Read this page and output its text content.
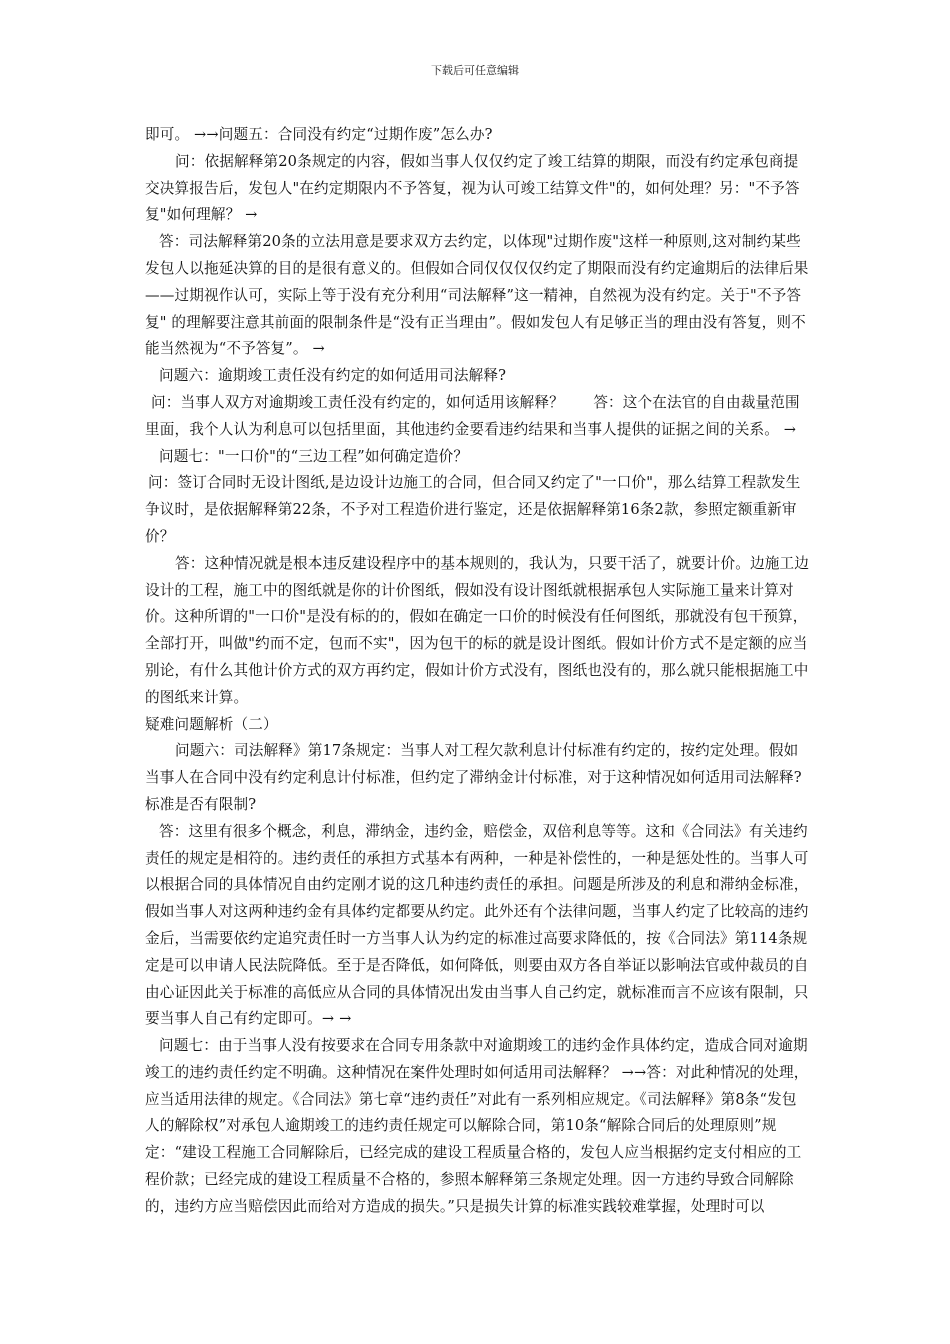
下载后可任意编辑

即可。 →→问题五：合同没有约定“过期作废”怎么办?

问：依据解释第20条规定的内容，假如当事人仅仅约定了竣工结算的期限，而没有约定承包商提交决算报告后，发包人"在约定期限内不予答复，视为认可竣工结算文件"的，如何处理？另："不予答复"如何理解？ →

答：司法解释第20条的立法用意是要求双方去约定，以体现"过期作废"这样一种原则,这对制约某些发包人以拖延决算的目的是很有意义的。但假如合同仅仅仅仅约定了期限而没有约定逾期后的法律后果——过期视作认可，实际上等于没有充分利用“司法解释”这一精神，自然视为没有约定。关于"不予答复" 的理解要注意其前面的限制条件是“没有正当理由”。假如发包人有足够正当的理由没有答复，则不能当然视为“不予答复”。 →

问题六：逾期竣工责任没有约定的如何适用司法解释?

问：当事人双方对逾期竣工责任没有约定的，如何适用该解释？　　答：这个在法官的自由裁量范围里面，我个人认为利息可以包括里面，其他违约金要看违约结果和当事人提供的证据之间的关系。 →

问题七："一口价"的“三边工程”如何确定造价？

问：签订合同时无设计图纸,是边设计边施工的合同，但合同又约定了"一口价"，那么结算工程款发生争议时，是依据解释第22条，不予对工程造价进行鉴定，还是依据解释第16条2款，参照定额重新审价？

答：这种情况就是根本违反建设程序中的基本规则的，我认为，只要干活了，就要计价。边施工边设计的工程，施工中的图纸就是你的计价图纸，假如没有设计图纸就根据承包人实际施工量来计算对价。这种所谓的"一口价"是没有标的的，假如在确定一口价的时候没有任何图纸，那就没有包干预算，全部打开，叫做"约而不定，包而不实"，因为包干的标的就是设计图纸。假如计价方式不是定额的应当别论，有什么其他计价方式的双方再约定，假如计价方式没有，图纸也没有的，那么就只能根据施工中的图纸来计算。

疑难问题解析（二）

问题六：司法解释》第17条规定：当事人对工程欠款利息计付标准有约定的，按约定处理。假如当事人在合同中没有约定利息计付标准，但约定了滞纳金计付标准，对于这种情况如何适用司法解释?标准是否有限制?

答：这里有很多个概念，利息，滞纳金，违约金，赔偿金，双倍利息等等。这和《合同法》有关违约责任的规定是相符的。违约责任的承担方式基本有两种，一种是补偿性的，一种是惩处性的。当事人可以根据合同的具体情况自由约定刚才说的这几种违约责任的承担。问题是所涉及的利息和滞纳金标准，假如当事人对这两种违约金有具体约定都要从约定。此外还有个法律问题，当事人约定了比较高的违约金后，当需要依约定追究责任时一方当事人认为约定的标准过高要求降低的，按《合同法》第114条规定是可以申请人民法院降低。至于是否降低，如何降低，则要由双方各自举证以影响法官或仲裁员的自由心证因此关于标准的高低应从合同的具体情况出发由当事人自己约定，就标准而言不应该有限制，只要当事人自己有约定即可。→ →

问题七：由于当事人没有按要求在合同专用条款中对逾期竣工的违约金作具体约定，造成合同对逾期竣工的违约责任约定不明确。这种情况在案件处理时如何适用司法解释？ →→答：对此种情况的处理，应当适用法律的规定。《合同法》第七章“违约责任”对此有一系列相应规定。《司法解释》第8条“发包人的解除权”对承包人逾期竣工的违约责任规定可以解除合同，第10条“解除合同后的处理原则”规定：“建设工程施工合同解除后，已经完成的建设工程质量合格的，发包人应当根据约定支付相应的工程价款；已经完成的建设工程质量不合格的，参照本解释第三条规定处理。因一方违约导致合同解除的，违约方应当赔偿因此而给对方造成的损失。”只是损失计算的标准实践较难掌握，处理时可以
